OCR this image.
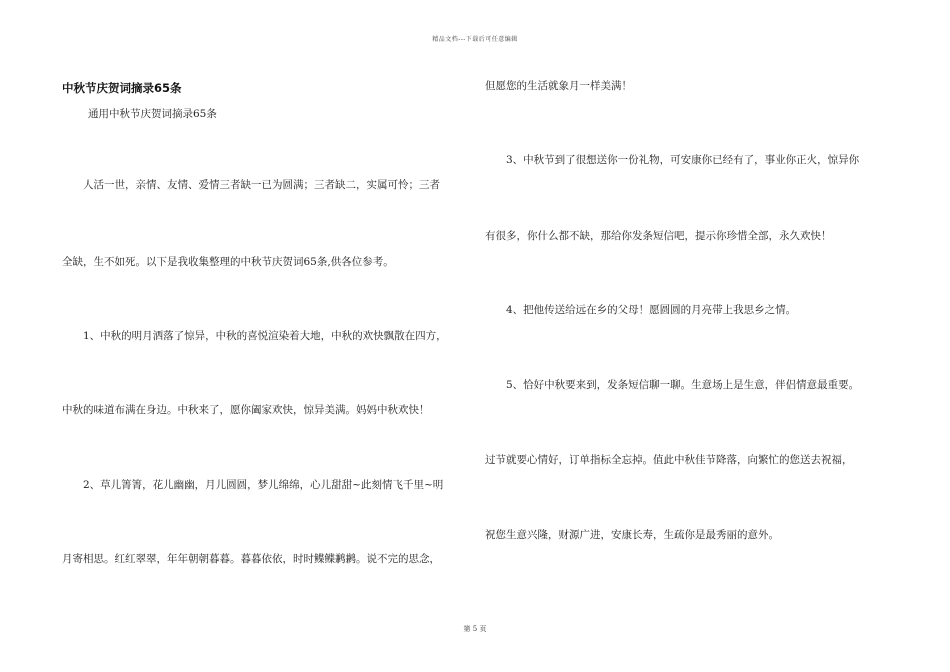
精品文档---下载后可任意编辑
中秋节庆贺词摘录65条
通用中秋节庆贺词摘录65条
人活一世，亲情、友情、爱情三者缺一已为圆满；三者缺二，实属可怜；三者
全缺，生不如死。以下是我收集整理的中秋节庆贺词65条,供各位参考。
1、中秋的明月洒落了惊异，中秋的喜悦渲染着大地，中秋的欢快飘散在四方，
中秋的味道布满在身边。中秋来了，愿你阖家欢快，惊异美满。妈妈中秋欢快！
2、草儿箐箐，花儿幽幽，月儿圆圆，梦儿绵绵，心儿甜甜~此刻情飞千里~明
月寄相思。红红翠翠，年年朝朝暮暮。暮暮依依，时时鲽鲽鹣鹣。说不完的思念，
但愿您的生活就象月一样美满！
3、中秋节到了很想送你一份礼物，可安康你已经有了，事业你正火，惊异你
有很多，你什么都不缺，那给你发条短信吧，提示你珍惜全部，永久欢快！
4、把他传送给远在乡的父母！愿圆圆的月亮带上我思乡之情。
5、恰好中秋要来到，发条短信聊一聊。生意场上是生意，伴侣情意最重要。
过节就要心情好，订单指标全忘掉。值此中秋佳节降落，向繁忙的您送去祝福，
祝您生意兴隆，财源广进，安康长寿，生疏你是最秀丽的意外。
第 5 页
